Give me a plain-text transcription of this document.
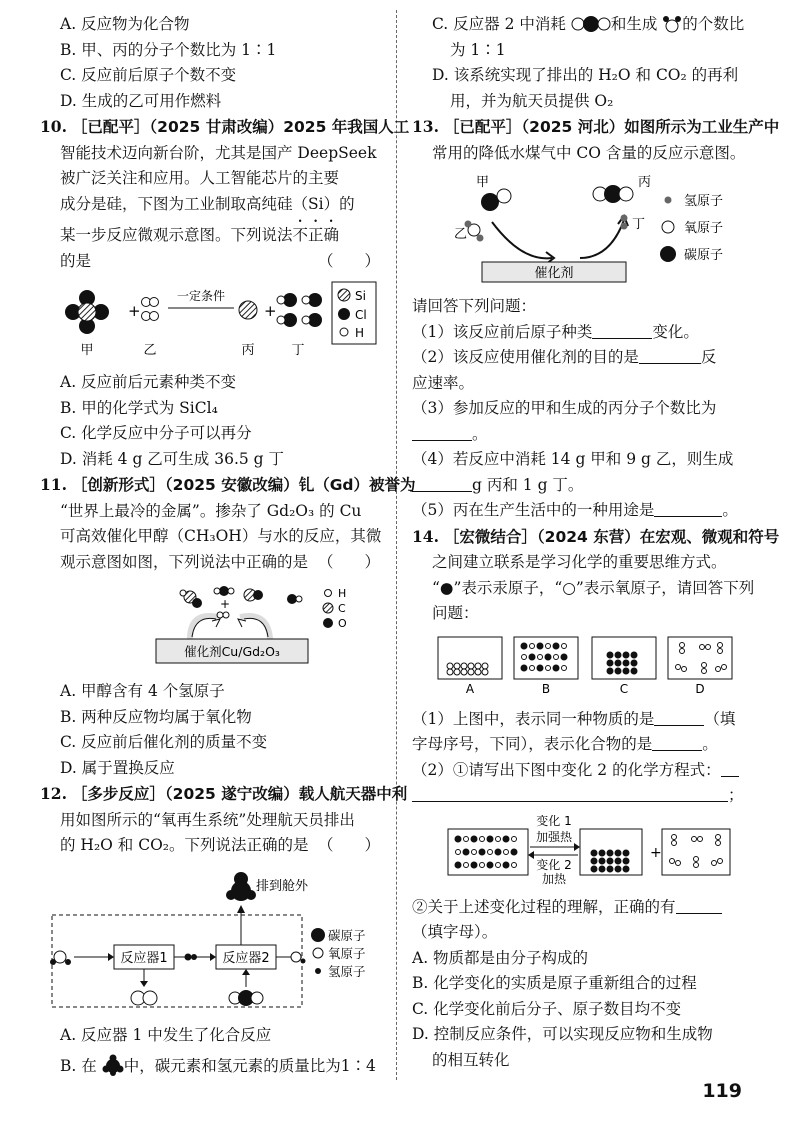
A. 反应物为化合物
B. 甲、丙的分子个数比为 1∶1
C. 反应前后原子个数不变
D. 生成的乙可用作燃料
10. ［已配平］（2025 甘肃改编）2025 年我国人工
智能技术迈向新台阶，尤其是国产 DeepSeek
被广泛关注和应用。人工智能芯片的主要
成分是硅，下图为工业制取高纯硅（Si）的
某一步反应微观示意图。下列说法不正确
的是	（　　）
+
一定条件
+
甲	乙	丙	丁
Si
Cl
H
A. 反应前后元素种类不变
B. 甲的化学式为 SiCl₄
C. 化学反应中分子可以再分
D. 消耗 4 g 乙可生成 36.5 g 丁
11. ［创新形式］（2025 安徽改编）钆（Gd）被誉为
“世界上最冷的金属”。掺杂了 Gd₂O₃ 的 Cu
可高效催化甲醇（CH₃OH）与水的反应，其微
观示意图如图，下列说法中正确的是 （　　）
+
催化剂Cu/Gd₂O₃
H
C
O
A. 甲醇含有 4 个氢原子
B. 两种反应物均属于氧化物
C. 反应前后催化剂的质量不变
D. 属于置换反应
12. ［多步反应］（2025 遂宁改编）载人航天器中利
用如图所示的“氧再生系统”处理航天员排出
的 H₂O 和 CO₂。下列说法正确的是 （　　）
排到舱外
反应器1	反应器2
碳原子
氧原子
氢原子
A. 反应器 1 中发生了化合反应
B. 在 中，碳元素和氢元素的质量比为1∶4
C. 反应器 2 中消耗	和生成 的个数比
为 1∶1
D. 该系统实现了排出的 H₂O 和 CO₂ 的再利
用，并为航天员提供 O₂
13. ［已配平］（2025 河北）如图所示为工业生产中
常用的降低水煤气中 CO 含量的反应示意图。
甲
乙
催化剂
丙
丁
氢原子
氧原子
碳原子
请回答下列问题：
（1）该反应前后原子种类	变化。
（2）该反应使用催化剂的目的是	反
应速率。
（3）参加反应的甲和生成的丙分子个数比为
。
（4）若反应中消耗 14 g 甲和 9 g 乙，则生成
g 丙和 1 g 丁。
（5）丙在生产生活中的一种用途是	。
14. ［宏微结合］（2024 东营）在宏观、微观和符号
之间建立联系是学习化学的重要思维方式。
“●”表示汞原子，“○”表示氧原子，请回答下列
问题：
A	B	C	D
（1）上图中，表示同一种物质的是	（填
字母序号，下同），表示化合物的是	。
（2）①请写出下图中变化 2 的化学方程式：
；
变化 1
加强热
变化 2
加热
+
②关于上述变化过程的理解，正确的有
（填字母）。
A. 物质都是由分子构成的
B. 化学变化的实质是原子重新组合的过程
C. 化学变化前后分子、原子数目均不变
D. 控制反应条件，可以实现反应物和生成物
的相互转化
119
